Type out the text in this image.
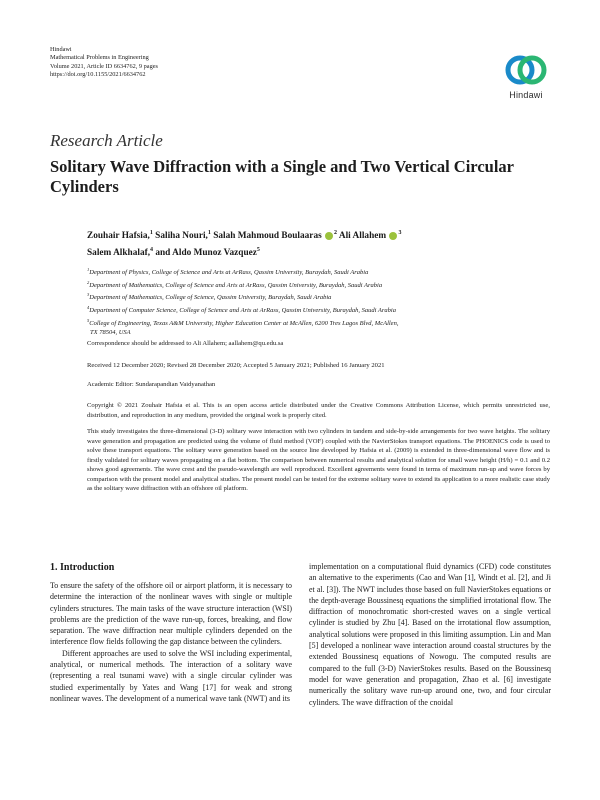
Hindawi
Mathematical Problems in Engineering
Volume 2021, Article ID 6634762, 9 pages
https://doi.org/10.1155/2021/6634762
Hindawi
Research Article
Solitary Wave Diffraction with a Single and Two Vertical Circular Cylinders
Zouhair Hafsia,$^1$ Saliha Nouri,$^1$ Salah Mahmoud Boulaaras $^2$ Ali Allahem $^3$
Salem Alkhalaf,$^4$ and Aldo Munoz Vazquez$^5$
$^1$Department of Physics, College of Science and Arts at ArRass, Qassim University, Buraydah, Saudi Arabia
$^2$Department of Mathematics, College of Science and Arts at ArRass, Qassim University, Buraydah, Saudi Arabia
$^3$Department of Mathematics, College of Science, Qassim University, Buraydah, Saudi Arabia
$^4$Department of Computer Science, College of Science and Arts at ArRass, Qassim University, Buraydah, Saudi Arabia
$^5$College of Engineering, Texas A&M University, Higher Education Center at McAllen, 6200 Tres Lagos Blvd, McAllen,
TX 78504, USA
Correspondence should be addressed to Ali Allahem; aallahem@qu.edu.sa
Received 12 December 2020; Revised 28 December 2020; Accepted 5 January 2021; Published 16 January 2021
Academic Editor: Sundarapandian Vaidyanathan
Copyright © 2021 Zouhair Hafsia et al. This is an open access article distributed under the Creative Commons Attribution License, which permits unrestricted use, distribution, and reproduction in any medium, provided the original work is properly cited.
This study investigates the three-dimensional (3-D) solitary wave interaction with two cylinders in tandem and side-by-side arrangements for two wave heights. The solitary wave generation and propagation are predicted using the volume of fluid method (VOF) coupled with the NavierStokes transport equations. The PHOENICS code is used to solve these transport equations. The solitary wave generation based on the source line developed by Hafsia et al. (2009) is extended in three-dimensional wave flow and is firstly validated for solitary waves propagating on a flat bottom. The comparison between numerical results and analytical solution for small wave height (H/h) = 0.1 and 0.2 shows good agreements. The wave crest and the pseudo-wavelength are well reproduced. Excellent agreements were found in terms of maximum run-up and wave forces by comparison with the present model and analytical studies. The present model can be tested for the extreme solitary wave to extend its application to a more realistic case study as the solitary wave diffraction with an offshore oil platform.
1. Introduction

To ensure the safety of the offshore oil or airport platform, it is necessary to determine the interaction of the nonlinear waves with single or multiple cylinders structures. The main tasks of the wave structure interaction (WSI) problems are the prediction of the wave run-up, forces, breaking, and flow separation. The wave diffraction near multiple cylinders depended on the interference flow fields following the gap distance between the cylinders.

Different approaches are used to solve the WSI including experimental, analytical, or numerical methods. The interaction of a solitary wave (representing a real tsunami wave) with a single circular cylinder was studied experimentally by Yates and Wang [17] for weak and strong nonlinear waves. The development of a numerical wave tank (NWT) and its

implementation on a computational fluid dynamics (CFD) code constitutes an alternative to the experiments (Cao and Wan [1], Windt et al. [2], and Ji et al. [3]). The NWT includes those based on full NavierStokes equations or the depth-average Boussinesq equations the simplified irrotational flow. The diffraction of monochromatic short-crested waves on a single vertical cylinder is studied by Zhu [4]. Based on the irrotational flow assumption, analytical solutions were proposed in this limiting assumption. Lin and Man [5] developed a nonlinear wave interaction around coastal structures by the extended Boussinesq equations of Nowogu. The computed results are compared to the full (3-D) NavierStokes results. Based on the Boussinesq model for wave generation and propagation, Zhao et al. [6] investigate numerically the solitary wave run-up around one, two, and four circular cylinders. The wave diffraction of the cnoidal
